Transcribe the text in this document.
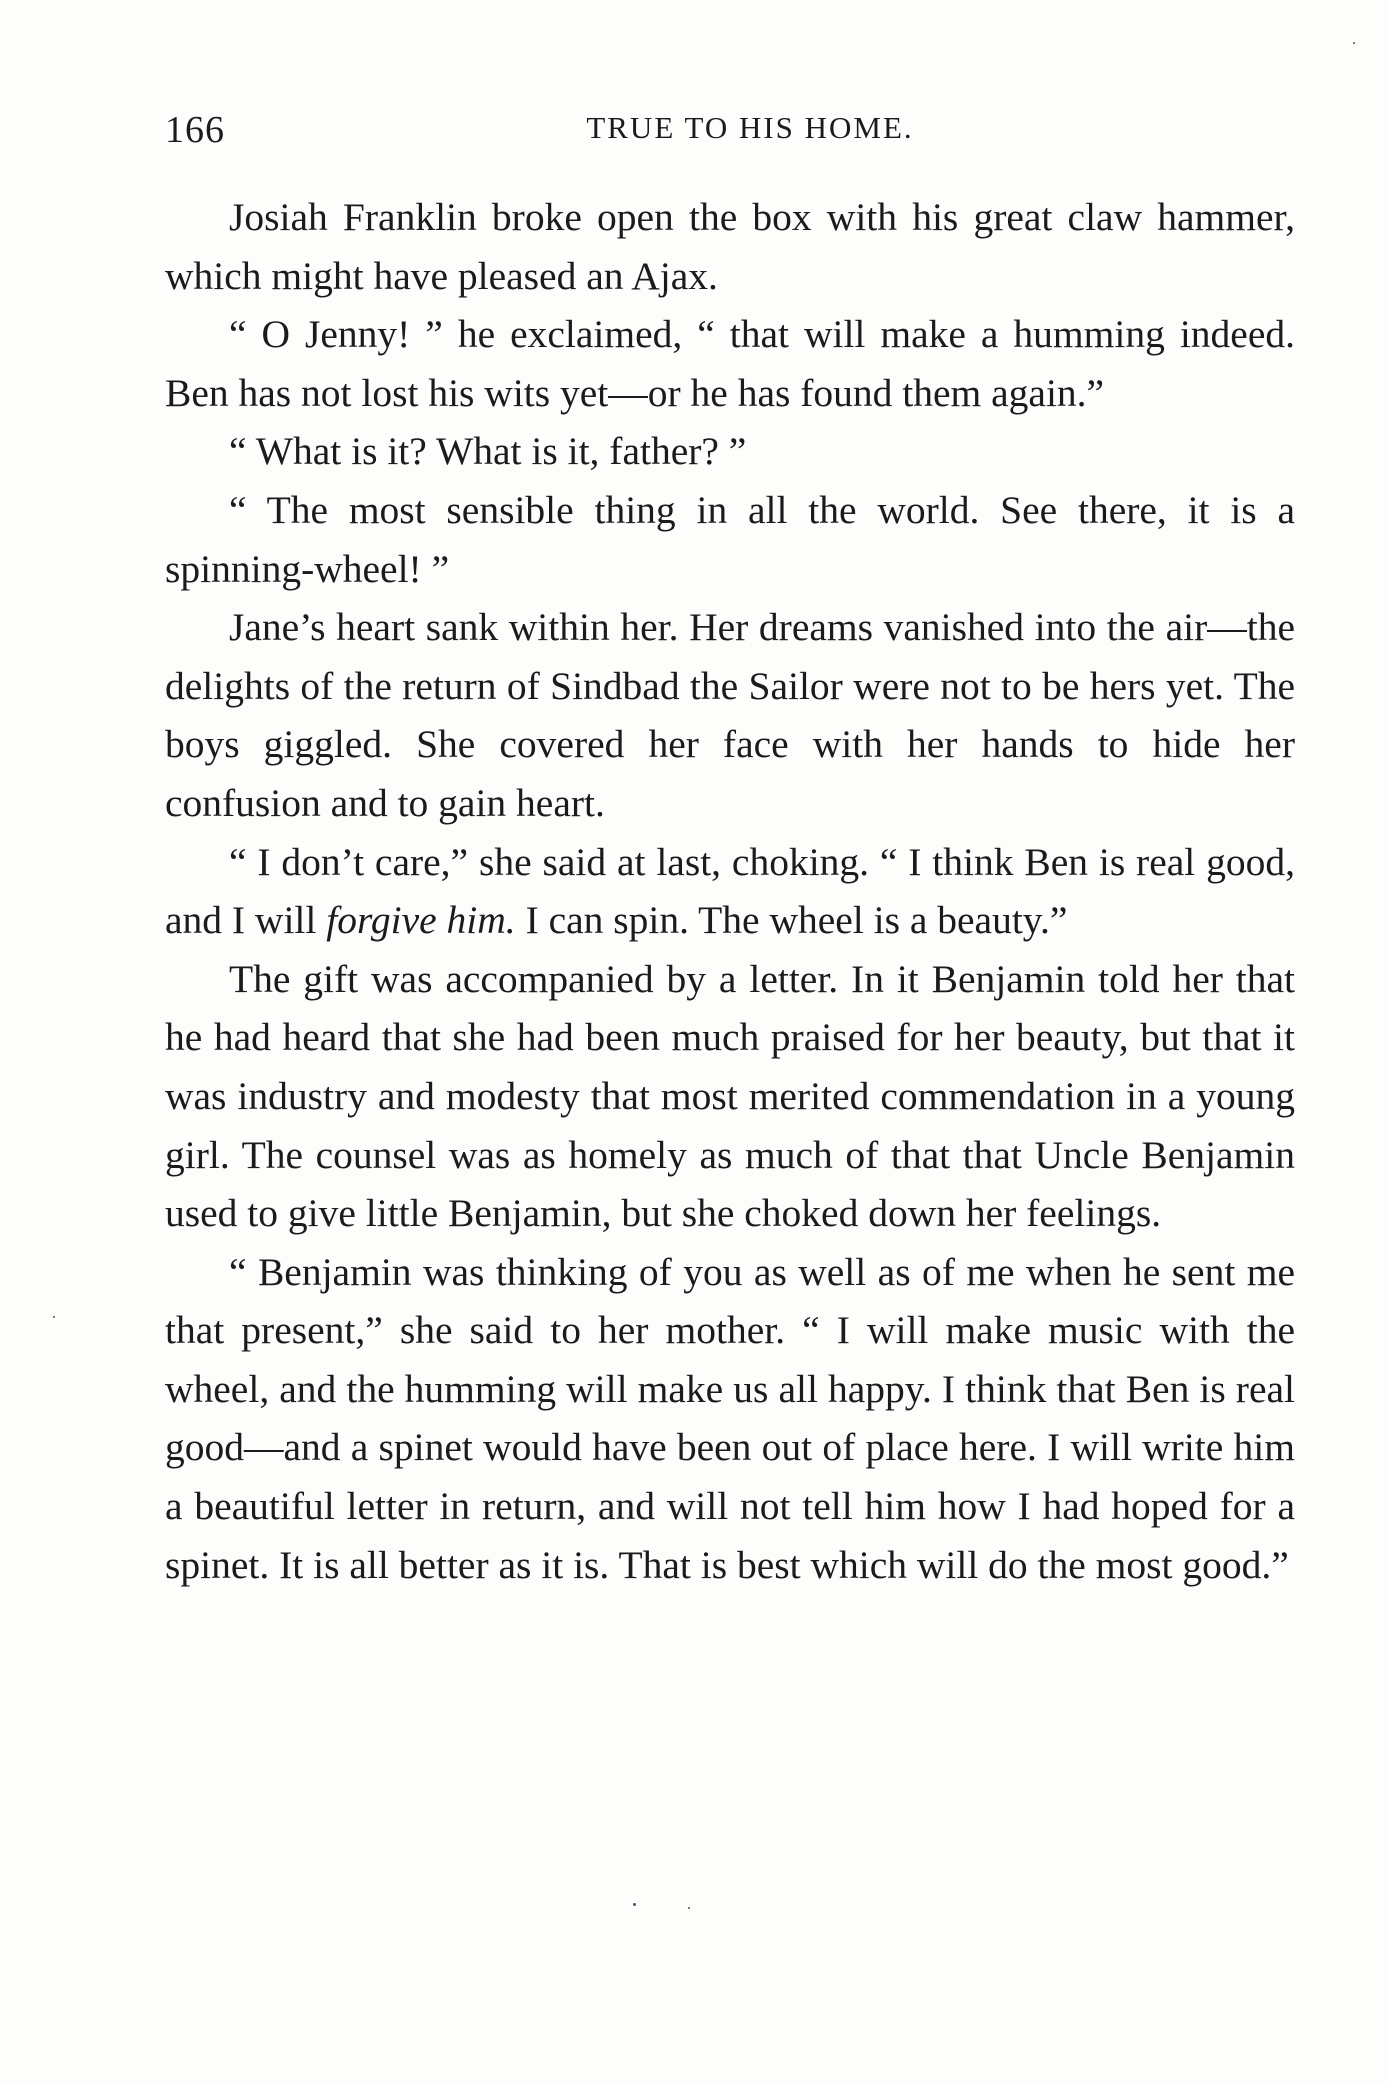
166	TRUE TO HIS HOME.

Josiah Franklin broke open the box with his great claw hammer, which might have pleased an Ajax.

“ O Jenny! ” he exclaimed, “ that will make a humming indeed. Ben has not lost his wits yet—or he has found them again.”

“ What is it? What is it, father? ”

“ The most sensible thing in all the world. See there, it is a spinning-wheel! ”

Jane’s heart sank within her. Her dreams vanished into the air—the delights of the return of Sindbad the Sailor were not to be hers yet. The boys giggled. She covered her face with her hands to hide her confusion and to gain heart.

“ I don’t care,” she said at last, choking. “ I think Ben is real good, and I will forgive him. I can spin. The wheel is a beauty.”

The gift was accompanied by a letter. In it Benjamin told her that he had heard that she had been much praised for her beauty, but that it was industry and modesty that most merited commendation in a young girl. The counsel was as homely as much of that that Uncle Benjamin used to give little Benjamin, but she choked down her feelings.

“ Benjamin was thinking of you as well as of me when he sent me that present,” she said to her mother. “ I will make music with the wheel, and the humming will make us all happy. I think that Ben is real good—and a spinet would have been out of place here. I will write him a beautiful letter in return, and will not tell him how I had hoped for a spinet. It is all better as it is. That is best which will do the most good.”
